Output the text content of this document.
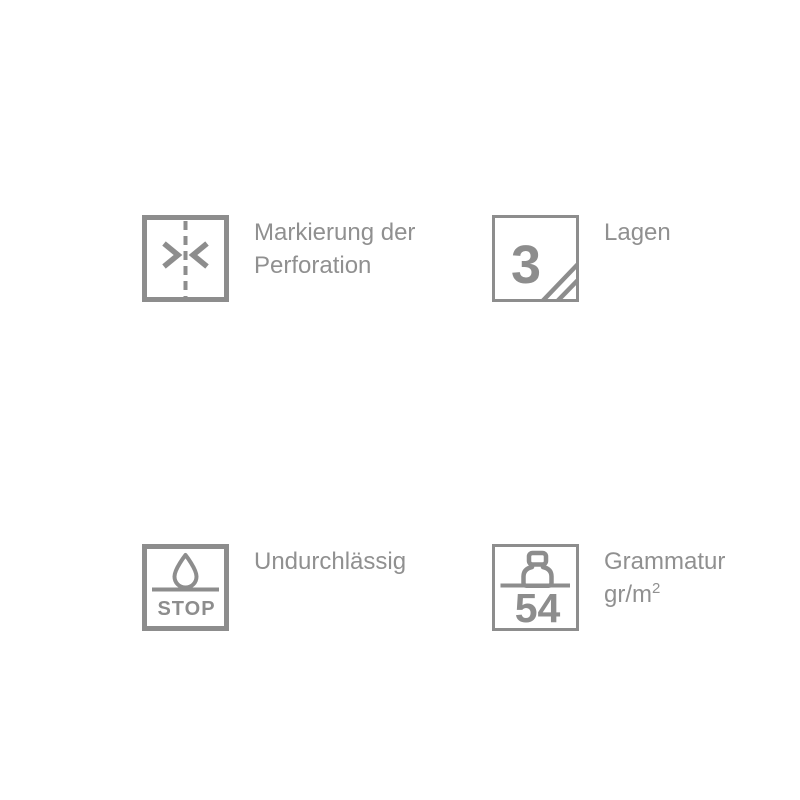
Markierung der
Perforation	3
Lagen
STOP
Undurchlässig
54
Grammatur
$gr/m^2$
